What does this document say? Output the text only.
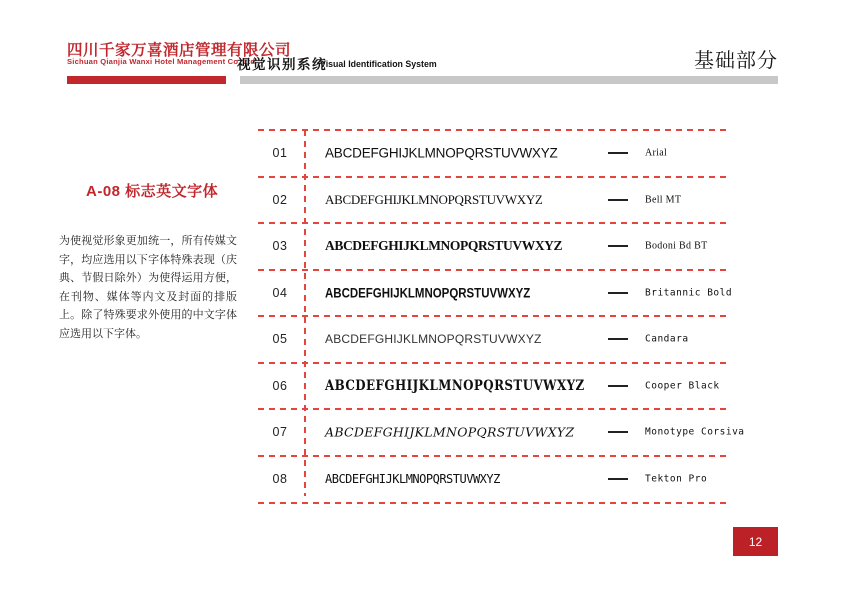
四川千家万喜酒店管理有限公司
Sichuan Qianjia Wanxi Hotel Management Co. Ltd
视觉识别系统
Visual Identification System	基础部分
A-08 标志英文字体
为使视觉形象更加统一，所有传媒文字，均应选用以下字体特殊表现（庆典、节假日除外）为使得运用方便，在刊物、媒体等内文及封面的排版上。除了特殊要求外使用的中文字体应选用以下字体。
01	ABCDEFGHIJKLMNOPQRSTUVWXYZ	Arial
02	ABCDEFGHIJKLMNOPQRSTUVWXYZ	Bell MT
03	ABCDEFGHIJKLMNOPQRSTUVWXYZ	Bodoni Bd BT
04	ABCDEFGHIJKLMNOPQRSTUVWXYZ	Britannic Bold
05	ABCDEFGHIJKLMNOPQRSTUVWXYZ	Candara
06	ABCDEFGHIJKLMNOPQRSTUVWXYZ	Cooper Black
07	ABCDEFGHIJKLMNOPQRSTUVWXYZ	Monotype Corsiva
08	ABCDEFGHIJKLMNOPQRSTUVWXYZ	Tekton Pro
12
